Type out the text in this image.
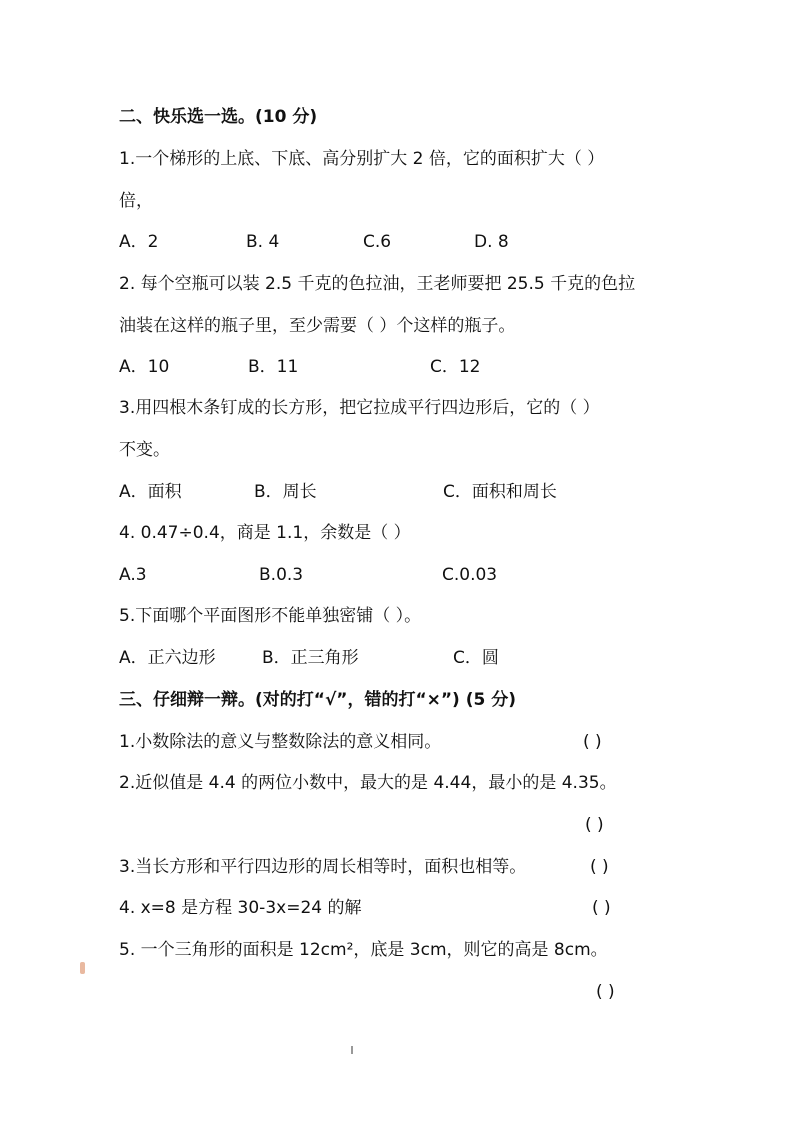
二、快乐选一选。(10 分)

1.一个梯形的上底、下底、高分别扩大 2 倍，它的面积扩大（ ）

倍，

A．2	B. 4	C.6	D. 8

2. 每个空瓶可以装 2.5 千克的色拉油，王老师要把 25.5 千克的色拉

油装在这样的瓶子里，至少需要（ ）个这样的瓶子。

A．10	B．11	C．12

3.用四根木条钉成的长方形，把它拉成平行四边形后，它的（ ）

不变。

A．面积	B．周长	C．面积和周长

4. 0.47÷0.4，商是 1.1，余数是（ ）

A.3	B.0.3	C.0.03

5.下面哪个平面图形不能单独密铺（ ）。

A．正六边形	B．正三角形	C．圆

三、仔细辩一辩。(对的打“√”，错的打“×”) (5 分)

1.小数除法的意义与整数除法的意义相同。	( )

2.近似值是 4.4 的两位小数中，最大的是 4.44，最小的是 4.35。

( )

3.当长方形和平行四边形的周长相等时，面积也相等。	( )

4. x=8 是方程 30-3x=24 的解	( )

5. 一个三角形的面积是 12cm²，底是 3cm，则它的高是 8cm。

( )
